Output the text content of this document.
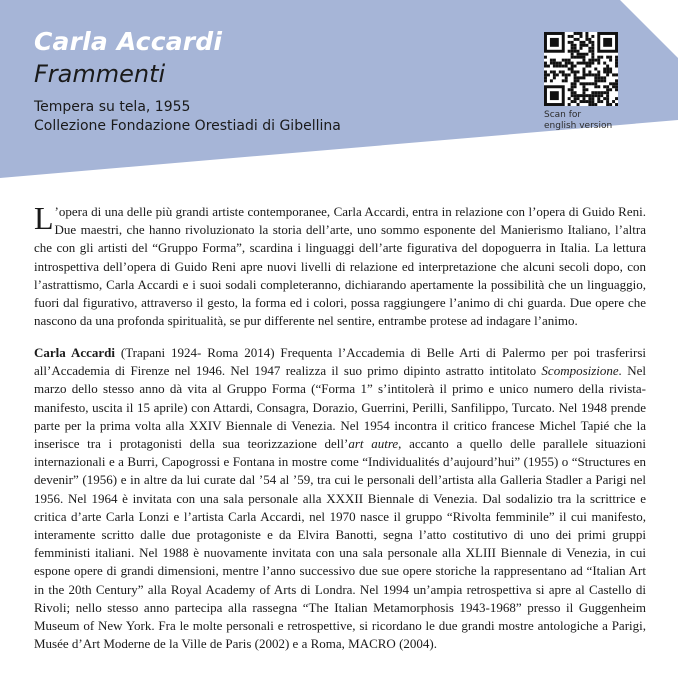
Carla Accardi
Frammenti
Tempera su tela, 1955
Collezione Fondazione Orestiadi di Gibellina
Scan for
english version
L ’opera di una delle più grandi artiste contemporanee, Carla Accardi, entra in relazione con l’opera di Guido Reni. Due maestri, che hanno rivoluzionato la storia dell’arte, uno sommo esponente del Manierismo Italiano, l’altra che con gli artisti del “Gruppo Forma”, scardina i linguaggi dell’arte figurativa del dopoguerra in Italia. La lettura introspettiva dell’opera di Guido Reni apre nuovi livelli di relazione ed interpretazione che alcuni secoli dopo, con l’astrattismo, Carla Accardi e i suoi sodali completeranno, dichiarando apertamente la possibilità che un linguaggio, fuori dal figurativo, attraverso il gesto, la forma ed i colori, possa raggiungere l’animo di chi guarda. Due opere che nascono da una profonda spiritualità, se pur differente nel sentire, entrambe protese ad indagare l’animo.
Carla Accardi (Trapani 1924- Roma 2014) Frequenta l’Accademia di Belle Arti di Palermo per poi trasferirsi all’Accademia di Firenze nel 1946. Nel 1947 realizza il suo primo dipinto astratto intitolato Scomposizione. Nel marzo dello stesso anno dà vita al Gruppo Forma (“Forma 1” s’intitolerà il primo e unico numero della rivista-manifesto, uscita il 15 aprile) con Attardi, Consagra, Dorazio, Guerrini, Perilli, Sanfilippo, Turcato. Nel 1948 prende parte per la prima volta alla XXIV Biennale di Venezia. Nel 1954 incontra il critico francese Michel Tapié che la inserisce tra i protagonisti della sua teorizzazione dell’art autre, accanto a quello delle parallele situazioni internazionali e a Burri, Capogrossi e Fontana in mostre come “Individualités d’aujourd’hui” (1955) o “Structures en devenir” (1956) e in altre da lui curate dal ’54 al ’59, tra cui le personali dell’artista alla Galleria Stadler a Parigi nel 1956. Nel 1964 è invitata con una sala personale alla XXXII Biennale di Venezia. Dal sodalizio tra la scrittrice e critica d’arte Carla Lonzi e l’artista Carla Accardi, nel 1970 nasce il gruppo “Rivolta femminile” il cui manifesto, interamente scritto dalle due protagoniste e da Elvira Banotti, segna l’atto costitutivo di uno dei primi gruppi femministi italiani. Nel 1988 è nuovamente invitata con una sala personale alla XLIII Biennale di Venezia, in cui espone opere di grandi dimensioni, mentre l’anno successivo due sue opere storiche la rappresentano ad “Italian Art in the 20th Century” alla Royal Academy of Arts di Londra. Nel 1994 un’ampia retrospettiva si apre al Castello di Rivoli; nello stesso anno partecipa alla rassegna “The Italian Metamorphosis 1943-1968” presso il Guggenheim Museum of New York. Fra le molte personali e retrospettive, si ricordano le due grandi mostre antologiche a Parigi, Musée d’Art Moderne de la Ville de Paris (2002) e a Roma, MACRO (2004).
